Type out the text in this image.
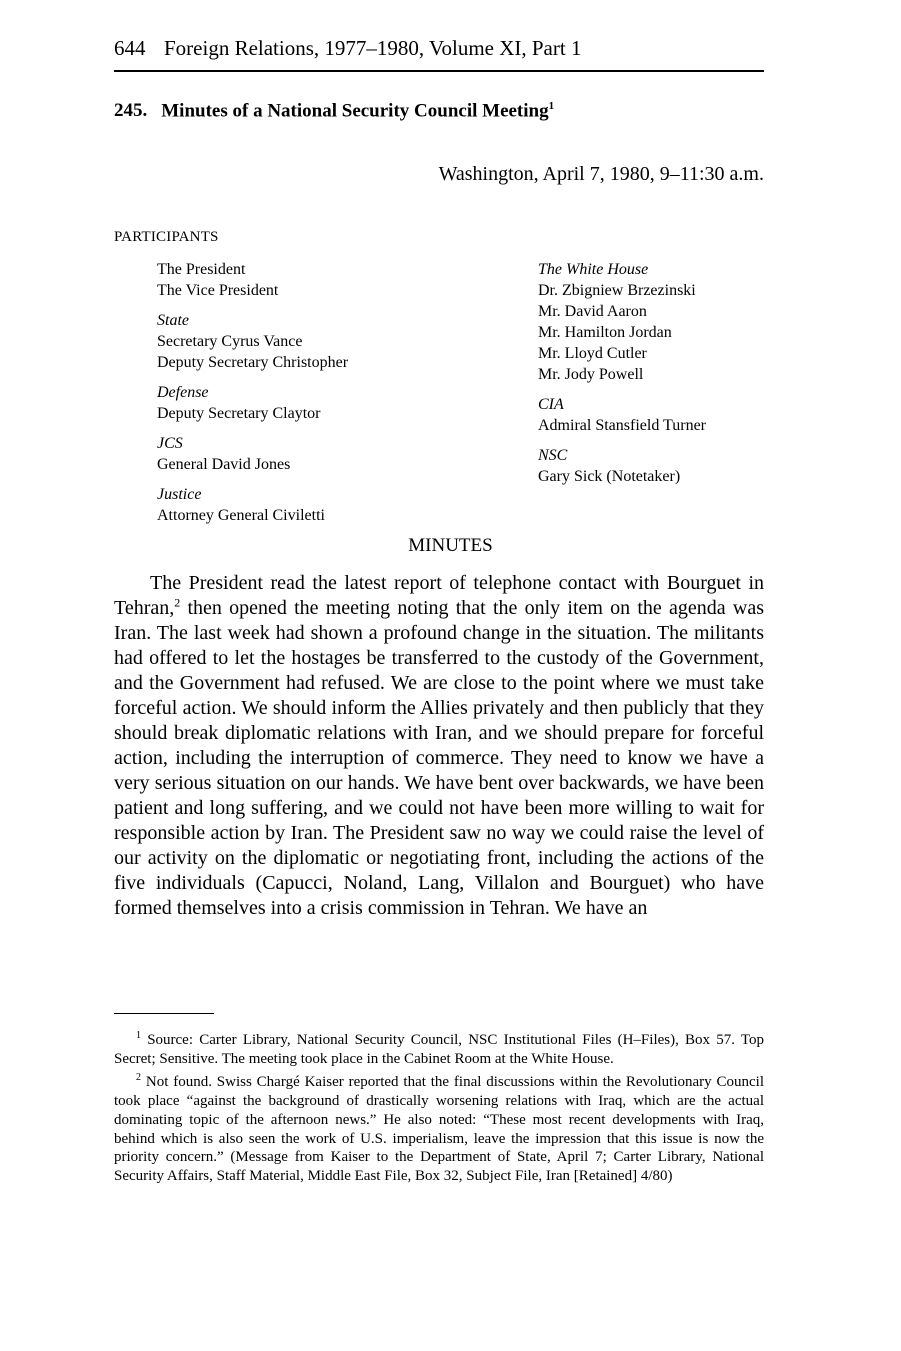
644 Foreign Relations, 1977–1980, Volume XI, Part 1
245. Minutes of a National Security Council Meeting$^1$
Washington, April 7, 1980, 9–11:30 a.m.
PARTICIPANTS
The President
The Vice President
State
Secretary Cyrus Vance
Deputy Secretary Christopher
Defense
Deputy Secretary Claytor
JCS
General David Jones
Justice
Attorney General Civiletti
The White House
Dr. Zbigniew Brzezinski
Mr. David Aaron
Mr. Hamilton Jordan
Mr. Lloyd Cutler
Mr. Jody Powell
CIA
Admiral Stansfield Turner
NSC
Gary Sick (Notetaker)
MINUTES

The President read the latest report of telephone contact with Bourguet in Tehran,$^2$ then opened the meeting noting that the only item on the agenda was Iran. The last week had shown a profound change in the situation. The militants had offered to let the hostages be transferred to the custody of the Government, and the Government had refused. We are close to the point where we must take forceful action. We should inform the Allies privately and then publicly that they should break diplomatic relations with Iran, and we should prepare for forceful action, including the interruption of commerce. They need to know we have a very serious situation on our hands. We have bent over backwards, we have been patient and long suffering, and we could not have been more willing to wait for responsible action by Iran. The President saw no way we could raise the level of our activity on the diplomatic or negotiating front, including the actions of the five individuals (Capucci, Noland, Lang, Villalon and Bourguet) who have formed themselves into a crisis commission in Tehran. We have an

$^1$ Source: Carter Library, National Security Council, NSC Institutional Files (H–Files), Box 57. Top Secret; Sensitive. The meeting took place in the Cabinet Room at the White House.

$^2$ Not found. Swiss Chargé Kaiser reported that the final discussions within the Revolutionary Council took place “against the background of drastically worsening relations with Iraq, which are the actual dominating topic of the afternoon news.” He also noted: “These most recent developments with Iraq, behind which is also seen the work of U.S. imperialism, leave the impression that this issue is now the priority concern.” (Message from Kaiser to the Department of State, April 7; Carter Library, National Security Affairs, Staff Material, Middle East File, Box 32, Subject File, Iran [Retained] 4/80)
